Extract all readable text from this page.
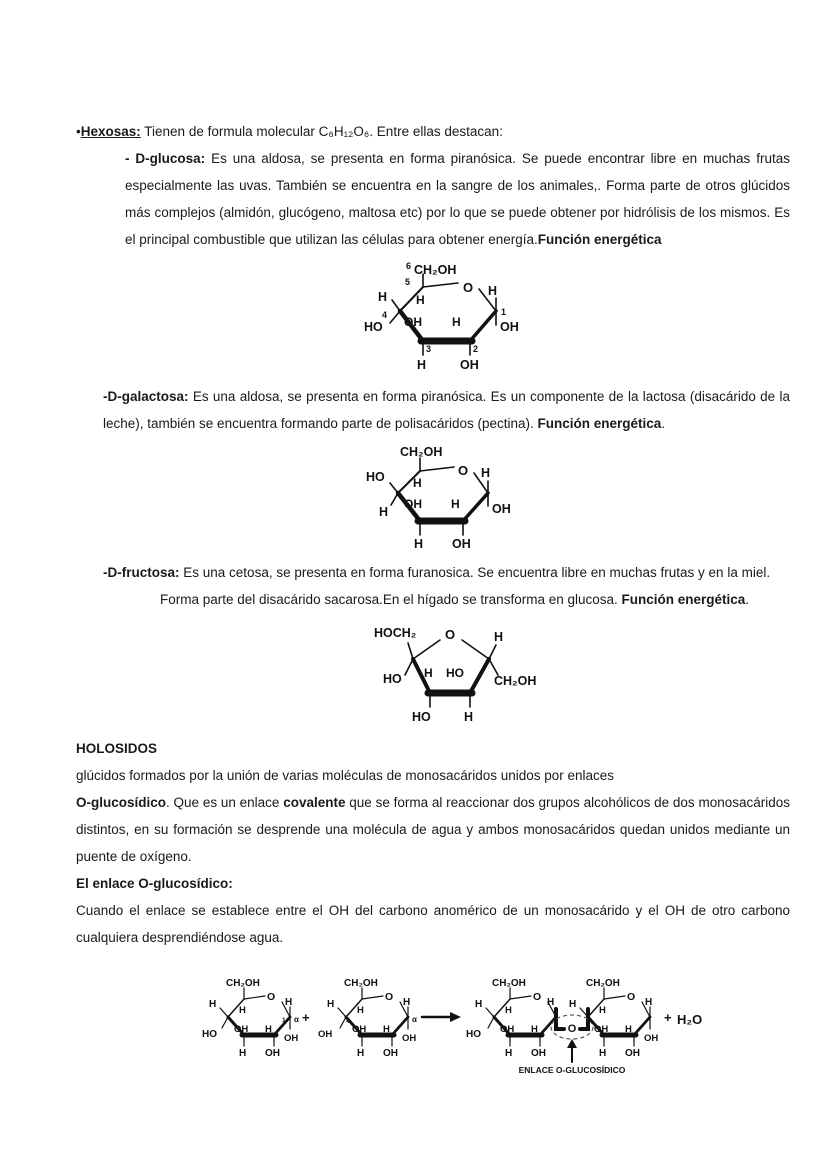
•Hexosas: Tienen de formula molecular C₆H₁₂O₆. Entre ellas destacan:

- D-glucosa: Es una aldosa, se presenta en forma piranósica. Se puede encontrar libre en muchas frutas especialmente las uvas. También se encuentra en la sangre de los animales,. Forma parte de otros glúcidos más complejos (almidón, glucógeno, maltosa etc) por lo que se puede obtener por hidrólisis de los mismos. Es el principal combustible que utilizan las células para obtener energía.Función energética

6 CH₂OH
5	O
H
4
HO
H
OH	H
H
1
OH
3
H
2
OH

-D-galactosa: Es una aldosa, se presenta en forma piranósica. Es un componente de la lactosa (disacárido de la leche), también se encuentra formando parte de polisacáridos (pectina). Función energética.

CH₂OH
O
HO H
H
OH H
H
OH
H OH

-D-fructosa: Es una cetosa, se presenta en forma furanosica. Se encuentra libre en muchas frutas y en la miel.

Forma parte del disacárido sacarosa.En el hígado se transforma en glucosa. Función energética.

HOCH₂ O	H
HO H HO
CH₂OH
HO	H

HOLOSIDOS

glúcidos formados por la unión de varias moléculas de monosacáridos unidos por enlaces

O-glucosídico. Que es un enlace covalente que se forma al reaccionar dos grupos alcohólicos de dos monosacáridos distintos, en su formación se desprende una molécula de agua y ambos monosacáridos quedan unidos mediante un puente de oxígeno.

El enlace O-glucosídico:

Cuando el enlace se establece entre el OH del carbono anomérico de un monosacárido y el OH de otro carbono cualquiera desprendiéndose agua.

CH₂OH
O
H
HO
H
OH H
H
1 α
OH
H OH
+
CH₂OH
O
H
4
OH
H
OH H
H
α
OH
H OH
CH₂OH
O
H
HO
H
OH H
H
H OH
O
CH₂OH
O
H
H
OH H
H
OH
H OH
ENLACE O-GLUCOSÍDICO
+ H₂O
